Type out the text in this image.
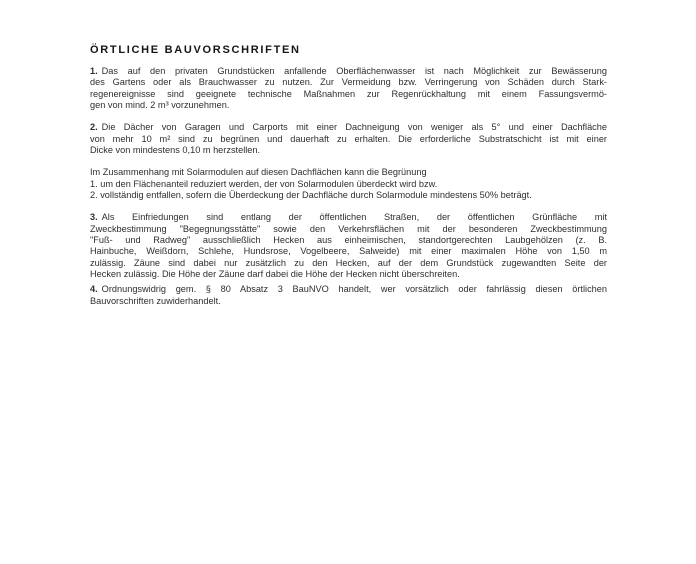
ÖRTLICHE BAUVORSCHRIFTEN
1. Das auf den privaten Grundstücken anfallende Oberflächenwasser ist nach Möglichkeit zur Bewässerung
des Gartens oder als Brauchwasser zu nutzen. Zur Vermeidung bzw. Verringerung von Schäden durch Stark-
regenereignisse sind geeignete technische Maßnahmen zur Regenrückhaltung mit einem Fassungsvermö-
gen von mind. 2 m³ vorzunehmen.
2. Die Dächer von Garagen und Carports mit einer Dachneigung von weniger als 5° und einer Dachfläche
von mehr 10 m² sind zu begrünen und dauerhaft zu erhalten. Die erforderliche Substratschicht ist mit einer
Dicke von mindestens 0,10 m herzstellen.
Im Zusammenhang mit Solarmodulen auf diesen Dachflächen kann die Begrünung
1. um den Flächenanteil reduziert werden, der von Solarmodulen überdeckt wird bzw.
2. vollständig entfallen, sofern die Überdeckung der Dachfläche durch Solarmodule mindestens 50% beträgt.
3. Als Einfriedungen sind entlang der öffentlichen Straßen, der öffentlichen Grünfläche mit
Zweckbestimmung "Begegnungsstätte" sowie den Verkehrsflächen mit der besonderen Zweckbestimmung
"Fuß- und Radweg" ausschließlich Hecken aus einheimischen, standortgerechten Laubgehölzen (z. B.
Hainbuche, Weißdorn, Schlehe, Hundsrose, Vogelbeere, Salweide) mit einer maximalen Höhe von 1,50 m
zulässig. Zäune sind dabei nur zusätzlich zu den Hecken, auf der dem Grundstück zugewandten Seite der
Hecken zulässig. Die Höhe der Zäune darf dabei die Höhe der Hecken nicht überschreiten.
4. Ordnungswidrig gem. § 80 Absatz 3 BauNVO handelt, wer vorsätzlich oder fahrlässig diesen örtlichen
Bauvorschriften zuwiderhandelt.
